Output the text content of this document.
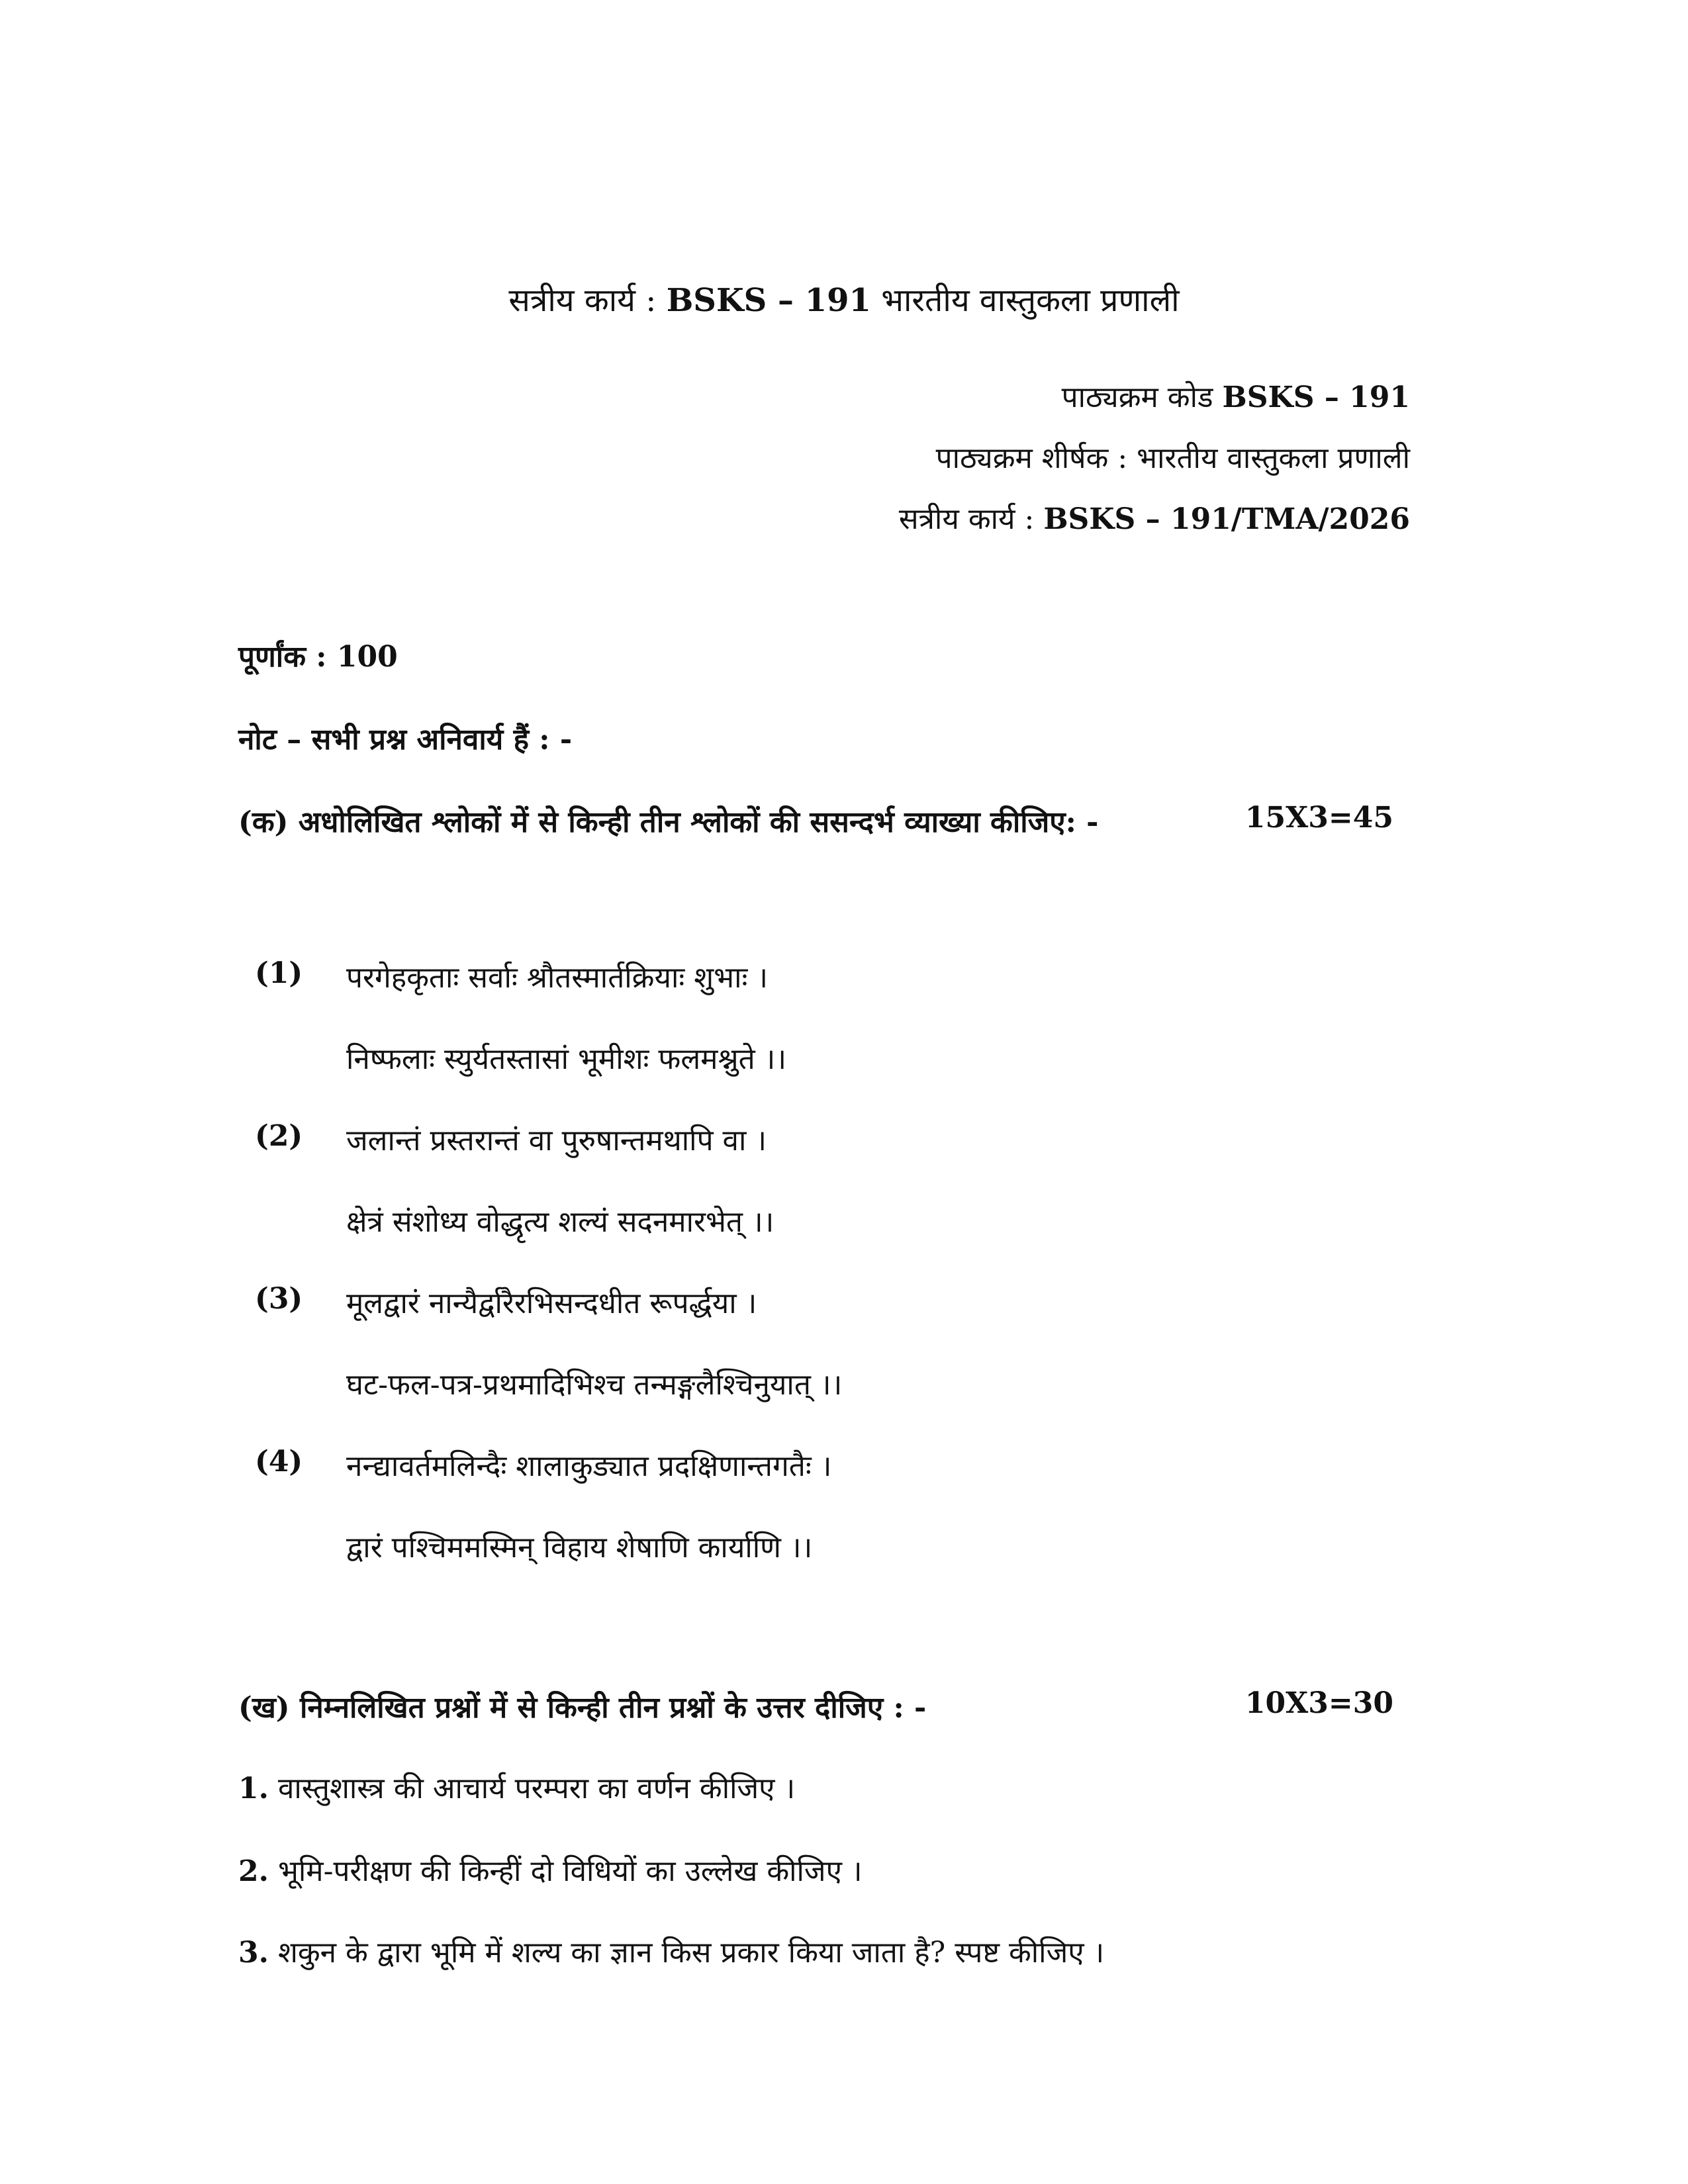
सत्रीय कार्य : BSKS – 191 भारतीय वास्तुकला प्रणाली
पाठ्यक्रम कोड BSKS – 191
पाठ्यक्रम शीर्षक : भारतीय वास्तुकला प्रणाली
सत्रीय कार्य : BSKS – 191/TMA/2026
पूर्णांक : 100
नोट – सभी प्रश्न अनिवार्य हैं : -
(क) अधोलिखित श्लोकों में से किन्ही तीन श्लोकों की ससन्दर्भ व्याख्या कीजिए: -	15X3=45
(1) परगेहकृताः सर्वाः श्रौतस्मार्तक्रियाः शुभाः ।
निष्फलाः स्युर्यतस्तासां भूमीशः फलमश्नुते ।।
(2) जलान्तं प्रस्तरान्तं वा पुरुषान्तमथापि वा ।
क्षेत्रं संशोध्य वोद्धृत्य शल्यं सदनमारभेत् ।।
(3) मूलद्वारं नान्यैर्द्वारैरभिसन्दधीत रूपर्द्धया ।
घट-फल-पत्र-प्रथमादिभिश्च तन्मङ्गलैश्चिनुयात् ।।
(4) नन्द्यावर्तमलिन्दैः शालाकुड्यात प्रदक्षिणान्तगतैः ।
द्वारं पश्चिममस्मिन् विहाय शेषाणि कार्याणि ।।
(ख) निम्नलिखित प्रश्नों में से किन्ही तीन प्रश्नों के उत्तर दीजिए : -	10X3=30
1. वास्तुशास्त्र की आचार्य परम्परा का वर्णन कीजिए ।
2. भूमि-परीक्षण की किन्हीं दो विधियों का उल्लेख कीजिए ।
3. शकुन के द्वारा भूमि में शल्य का ज्ञान किस प्रकार किया जाता है? स्पष्ट कीजिए ।
